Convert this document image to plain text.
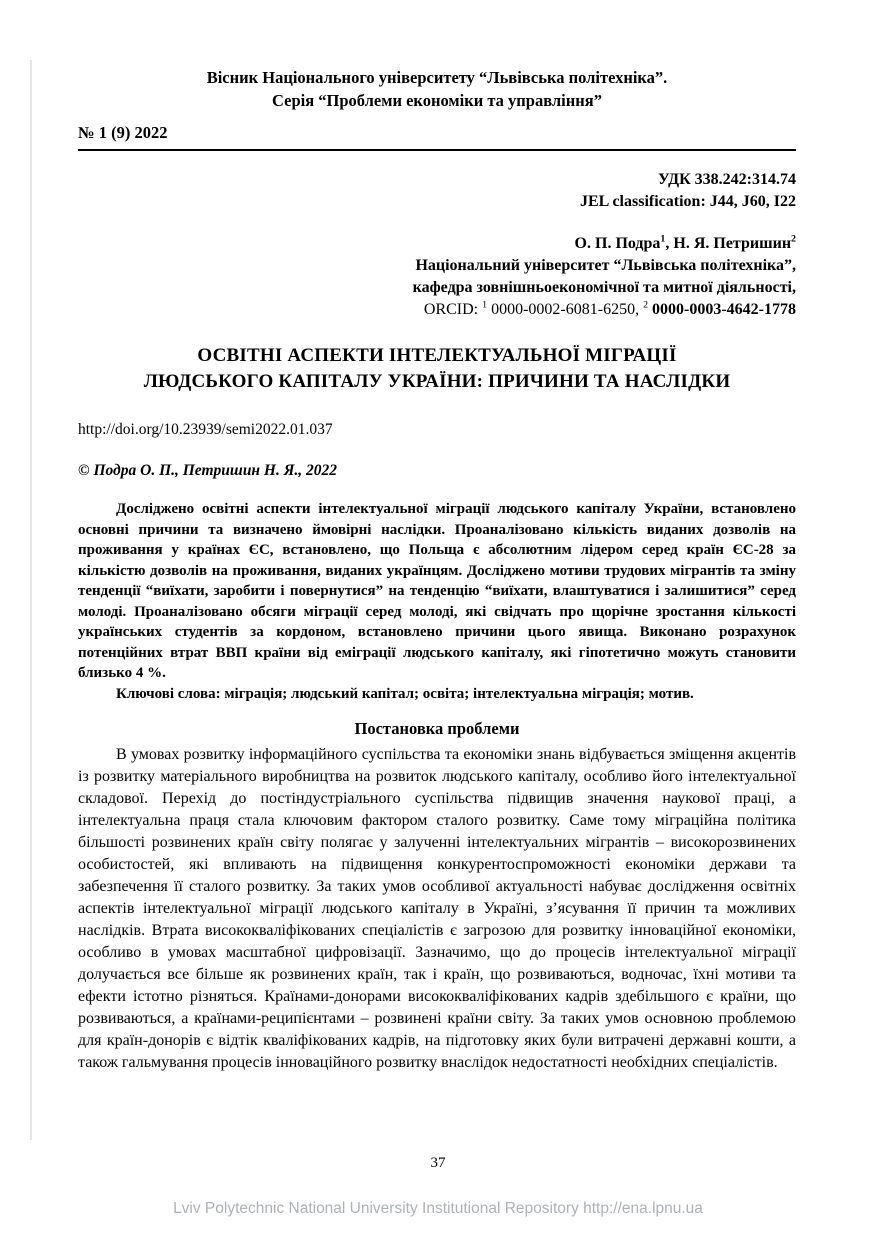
Вісник Національного університету “Львівська політехніка”.
Серія “Проблеми економіки та управління”
№ 1 (9) 2022
УДК 338.242:314.74
JEL classification: J44, J60, I22
О. П. Подра$^1$, Н. Я. Петришин$^2$
Національний університет “Львівська політехніка”,
кафедра зовнішньоекономічної та митної діяльності,
ORCID: $^1$ 0000-0002-6081-6250, $^2$ 0000-0003-4642-1778
ОСВІТНІ АСПЕКТИ ІНТЕЛЕКТУАЛЬНОЇ МІГРАЦІЇ
ЛЮДСЬКОГО КАПІТАЛУ УКРАЇНИ: ПРИЧИНИ ТА НАСЛІДКИ
http://doi.org/10.23939/semi2022.01.037
© Подра О. П., Петришин Н. Я., 2022

Досліджено освітні аспекти інтелектуальної міграції людського капіталу України, встановлено основні причини та визначено ймовірні наслідки. Проаналізовано кількість виданих дозволів на проживання у країнах ЄС, встановлено, що Польща є абсолютним лідером серед країн ЄС-28 за кількістю дозволів на проживання, виданих українцям. Досліджено мотиви трудових мігрантів та зміну тенденції “виїхати, заробити і повернутися” на тенденцію “виїхати, влаштуватися і залишитися” серед молоді. Проаналізовано обсяги міграції серед молоді, які свідчать про щорічне зростання кількості українських студентів за кордоном, встановлено причини цього явища. Виконано розрахунок потенційних втрат ВВП країни від еміграції людського капіталу, які гіпотетично можуть становити близько 4 %.

Ключові слова: міграція; людський капітал; освіта; інтелектуальна міграція; мотив.

Постановка проблеми

В умовах розвитку інформаційного суспільства та економіки знань відбувається зміщення акцентів із розвитку матеріального виробництва на розвиток людського капіталу, особливо його інтелектуальної складової. Перехід до постіндустріального суспільства підвищив значення наукової праці, а інтелектуальна праця стала ключовим фактором сталого розвитку. Саме тому міграційна політика більшості розвинених країн світу полягає у залученні інтелектуальних мігрантів – високорозвинених особистостей, які впливають на підвищення конкурентоспроможності економіки держави та забезпечення її сталого розвитку. За таких умов особливої актуальності набуває дослідження освітніх аспектів інтелектуальної міграції людського капіталу в Україні, з’ясування її причин та можливих наслідків. Втрата висококваліфікованих спеціалістів є загрозою для розвитку інноваційної економіки, особливо в умовах масштабної цифровізації. Зазначимо, що до процесів інтелектуальної міграції долучається все більше як розвинених країн, так і країн, що розвиваються, водночас, їхні мотиви та ефекти істотно різняться. Країнами-донорами висококваліфікованих кадрів здебільшого є країни, що розвиваються, а країнами-реципієнтами – розвинені країни світу. За таких умов основною проблемою для країн-донорів є відтік кваліфікованих кадрів, на підготовку яких були витрачені державні кошти, а також гальмування процесів інноваційного розвитку внаслідок недостатності необхідних спеціалістів.

37
Lviv Polytechnic National University Institutional Repository http://ena.lpnu.ua
